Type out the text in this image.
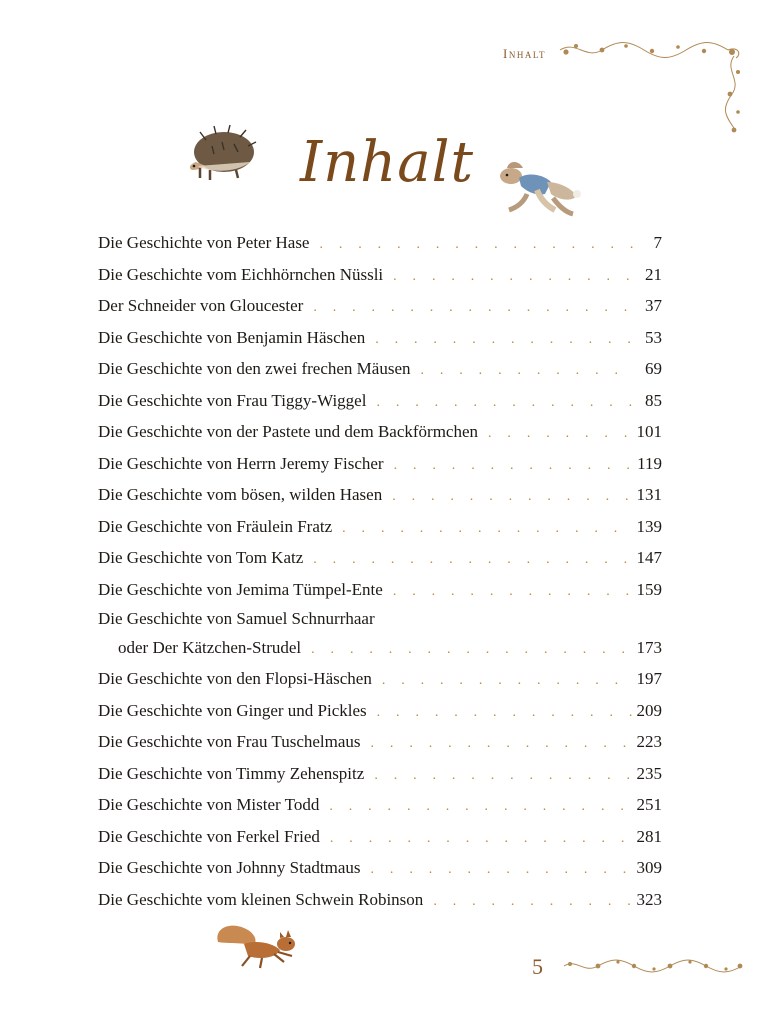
Inhalt
Inhalt
Die Geschichte von Peter Hase . . .	7
Die Geschichte vom Eichhörnchen Nüssli . . .	21
Der Schneider von Gloucester . . .	37
Die Geschichte von Benjamin Häschen . . .	53
Die Geschichte von den zwei frechen Mäusen . . .	69
Die Geschichte von Frau Tiggy-Wiggel . . .	85
Die Geschichte von der Pastete und dem Backförmchen . . .	101
Die Geschichte von Herrn Jeremy Fischer . . .	119
Die Geschichte vom bösen, wilden Hasen . . .	131
Die Geschichte von Fräulein Fratz . . .	139
Die Geschichte von Tom Katz . . .	147
Die Geschichte von Jemima Tümpel-Ente . . .	159
Die Geschichte von Samuel Schnurrhaar
oder Der Kätzchen-Strudel . . .	173
Die Geschichte von den Flopsi-Häschen . . .	197
Die Geschichte von Ginger und Pickles . . .	209
Die Geschichte von Frau Tuschelmaus . . .	223
Die Geschichte von Timmy Zehenspitz . . .	235
Die Geschichte von Mister Todd . . .	251
Die Geschichte von Ferkel Fried . . .	281
Die Geschichte von Johnny Stadtmaus . . .	309
Die Geschichte vom kleinen Schwein Robinson . . .	323
5
